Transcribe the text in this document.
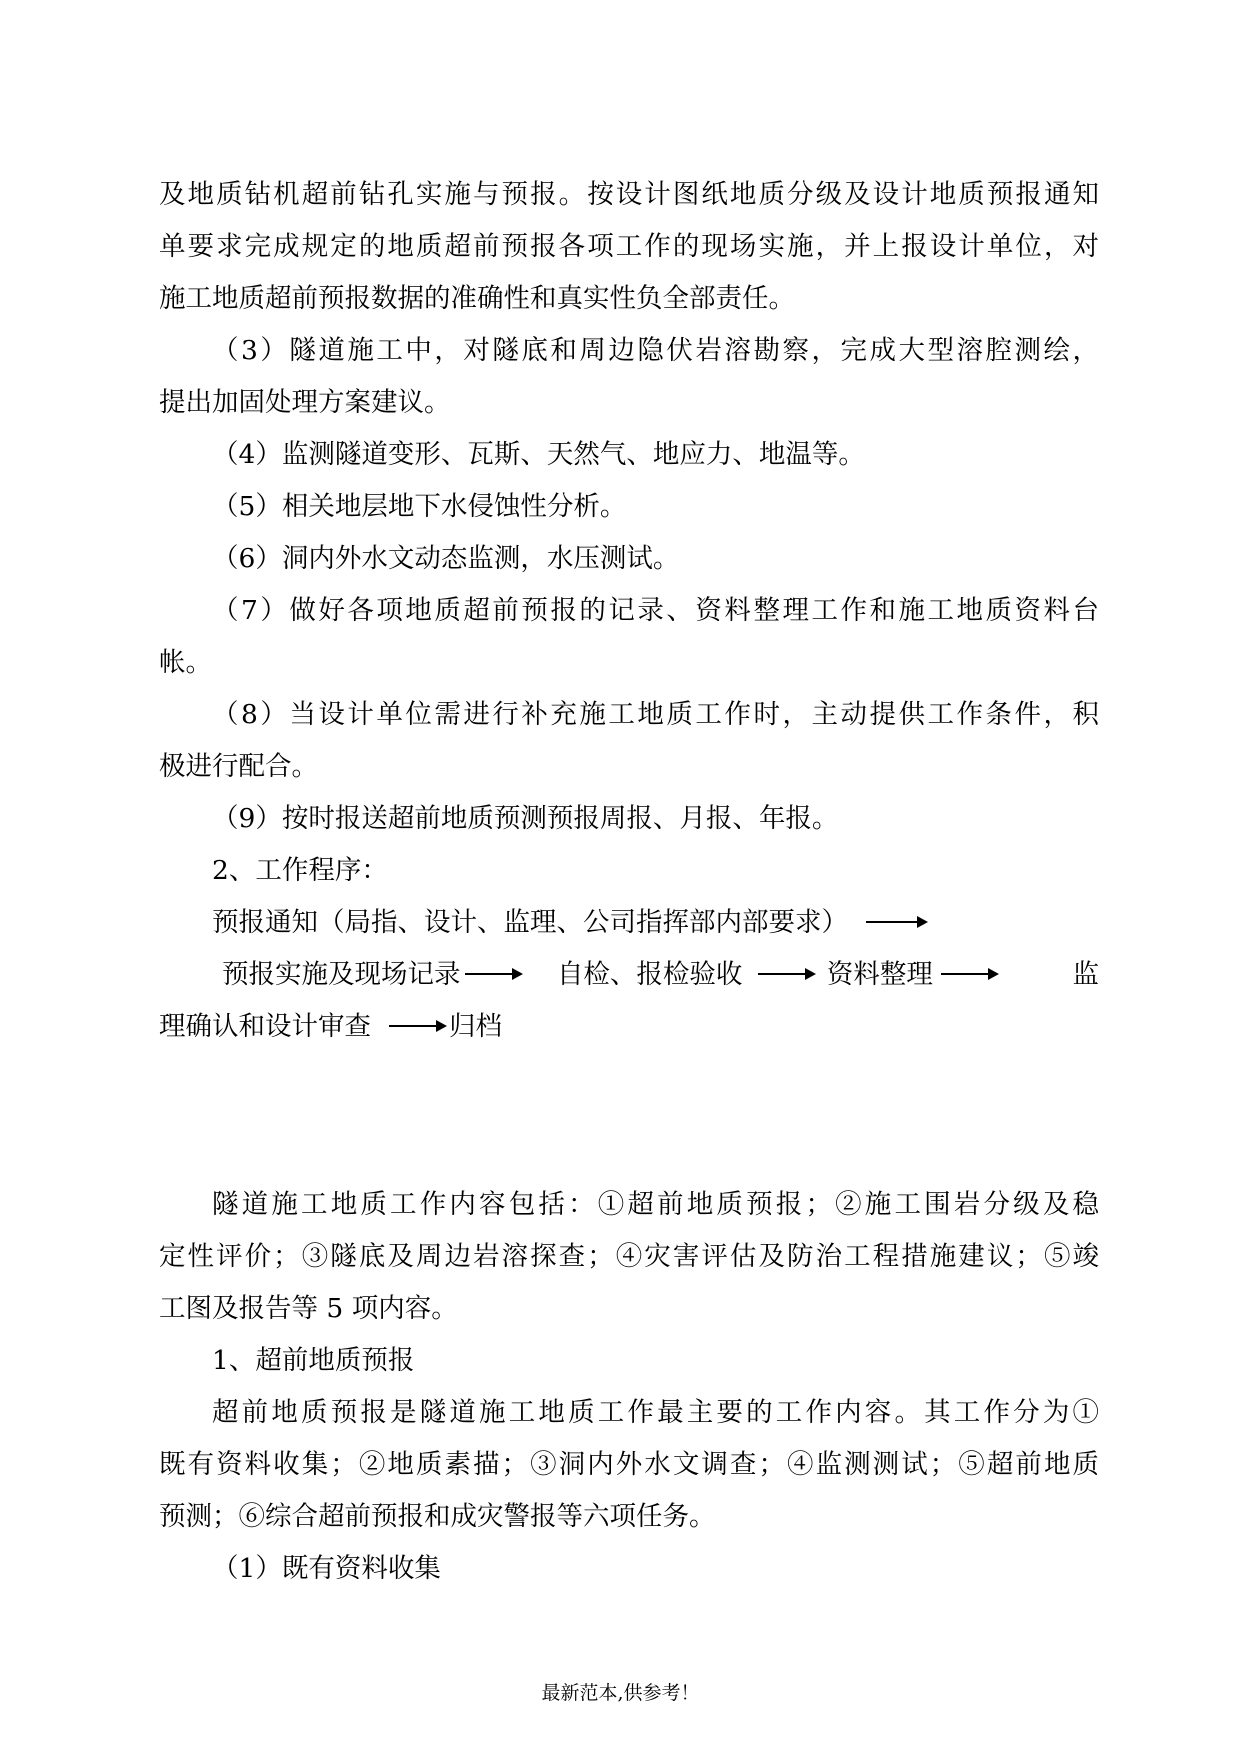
及地质钻机超前钻孔实施与预报。按设计图纸地质分级及设计地质预报通知
单要求完成规定的地质超前预报各项工作的现场实施，并上报设计单位，对
施工地质超前预报数据的准确性和真实性负全部责任。
（3）隧道施工中，对隧底和周边隐伏岩溶勘察，完成大型溶腔测绘，
提出加固处理方案建议。
（4）监测隧道变形、瓦斯、天然气、地应力、地温等。
（5）相关地层地下水侵蚀性分析。
（6）洞内外水文动态监测，水压测试。
（7）做好各项地质超前预报的记录、资料整理工作和施工地质资料台
帐。
（8）当设计单位需进行补充施工地质工作时，主动提供工作条件，积
极进行配合。
（9）按时报送超前地质预测预报周报、月报、年报。
2、工作程序：
预报通知（局指、设计、监理、公司指挥部内部要求）
预报实施及现场记录	自检、报检验收	资料整理	监
理确认和设计审查	归档
隧道施工地质工作内容包括：①超前地质预报；②施工围岩分级及稳
定性评价；③隧底及周边岩溶探查；④灾害评估及防治工程措施建议；⑤竣
工图及报告等 5 项内容。
1、超前地质预报
超前地质预报是隧道施工地质工作最主要的工作内容。其工作分为①
既有资料收集；②地质素描；③洞内外水文调查；④监测测试；⑤超前地质
预测；⑥综合超前预报和成灾警报等六项任务。
（1）既有资料收集
最新范本,供参考！
